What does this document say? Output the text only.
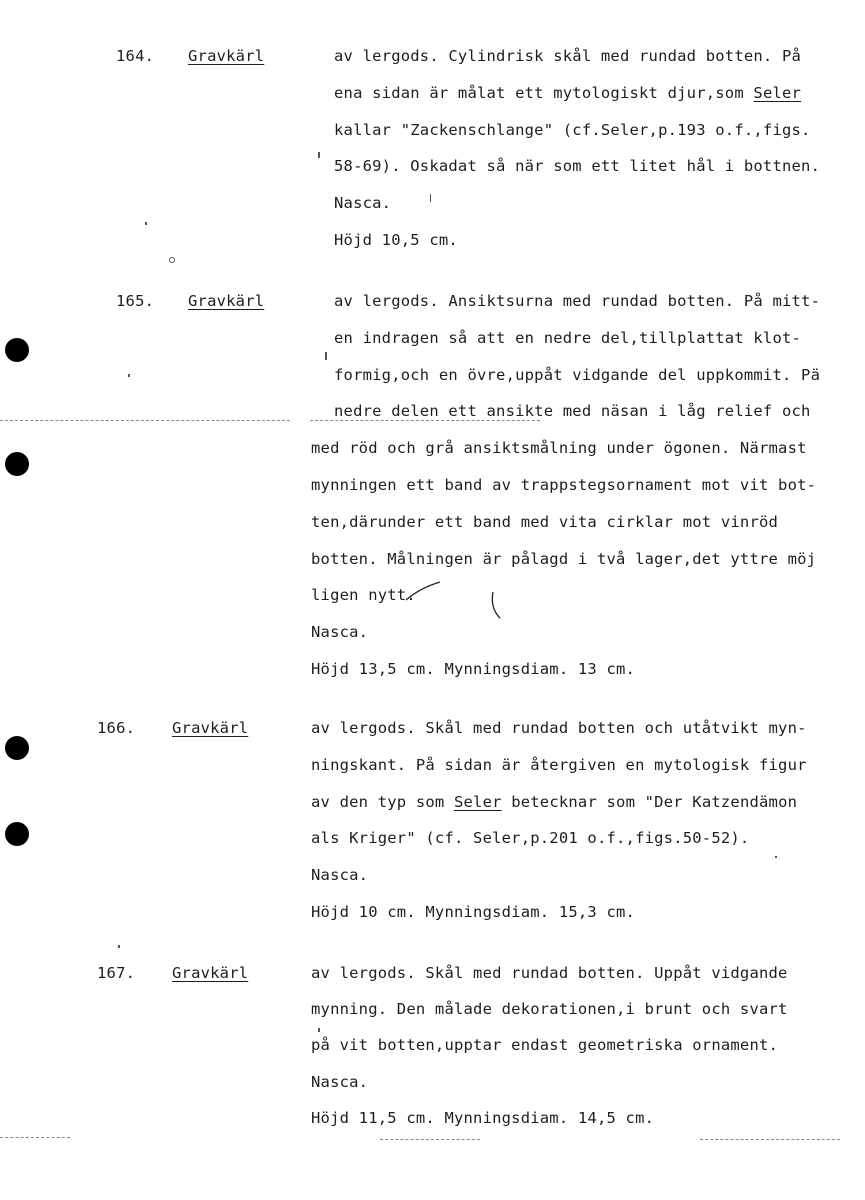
164. Gravkärl	av lergods. Cylindrisk skål med rundad botten. På
ena sidan är målat ett mytologiskt djur,som Seler
kallar "Zackenschlange" (cf.Seler,p.193 o.f.,figs.
58-69). Oskadat så när som ett litet hål i bottnen.
Nasca.
Höjd 10,5 cm.
165. Gravkärl	av lergods. Ansiktsurna med rundad botten. På mitt-
en indragen så att en nedre del,tillplattat klot-
formig,och en övre,uppåt vidgande del uppkommit. Pä
nedre delen ett ansikte med näsan i låg relief och
med röd och grå ansiktsmålning under ögonen. Närmast
mynningen ett band av trappstegsornament mot vit bot-
ten,därunder ett band med vita cirklar mot vinröd
botten. Målningen är pålagd i två lager,det yttre möj
ligen nytt.
Nasca.
Höjd 13,5 cm. Mynningsdiam. 13 cm.
166. Gravkärl	av lergods. Skål med rundad botten och utåtvikt myn-
ningskant. På sidan är återgiven en mytologisk figur
av den typ som Seler betecknar som "Der Katzendämon
als Kriger" (cf. Seler,p.201 o.f.,figs.50-52).
Nasca.
Höjd 10 cm. Mynningsdiam. 15,3 cm.
167. Gravkärl	av lergods. Skål med rundad botten. Uppåt vidgande
mynning. Den målade dekorationen,i brunt och svart
på vit botten,upptar endast geometriska ornament.
Nasca.
Höjd 11,5 cm. Mynningsdiam. 14,5 cm.
